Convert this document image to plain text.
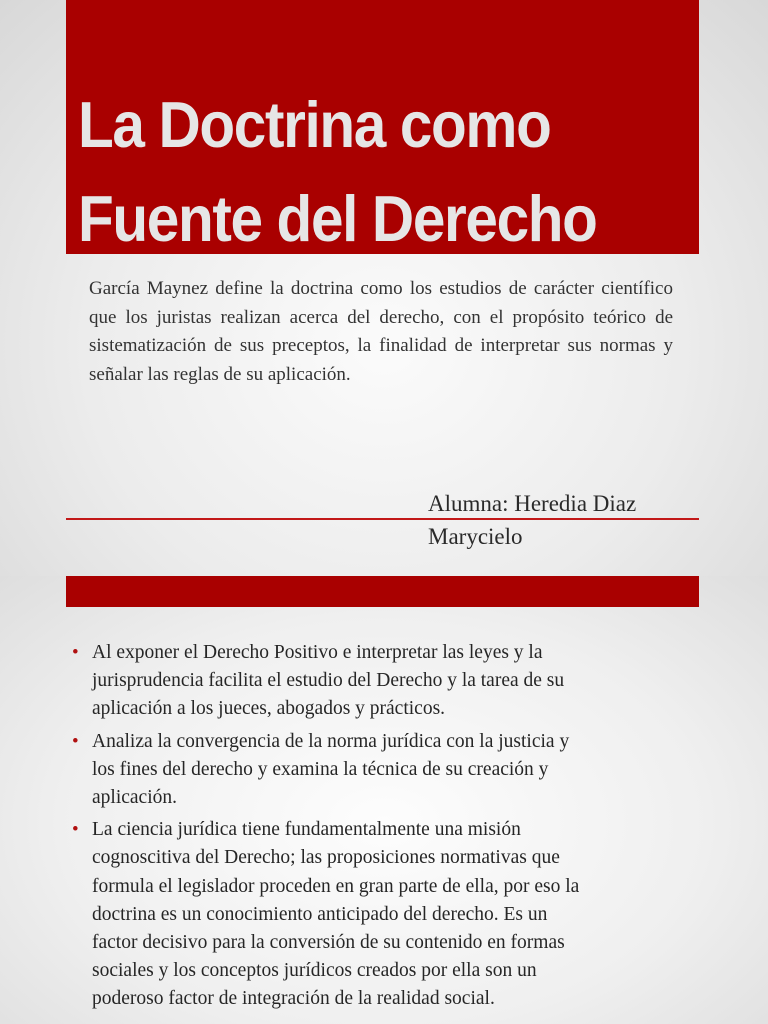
La Doctrina como
Fuente del Derecho

García Maynez define la doctrina como los estudios de carácter científico que los juristas realizan acerca del derecho, con el propósito teórico de sistematización de sus preceptos, la finalidad de interpretar sus normas y señalar las reglas de su aplicación.

Alumna: Heredia Diaz
Marycielo

• Al exponer el Derecho Positivo e interpretar las leyes y la
jurisprudencia facilita el estudio del Derecho y la tarea de su
aplicación a los jueces, abogados y prácticos.
• Analiza la convergencia de la norma jurídica con la justicia y
los fines del derecho y examina la técnica de su creación y
aplicación.
• La ciencia jurídica tiene fundamentalmente una misión
cognoscitiva del Derecho; las proposiciones normativas que
formula el legislador proceden en gran parte de ella, por eso la
doctrina es un conocimiento anticipado del derecho. Es un
factor decisivo para la conversión de su contenido en formas
sociales y los conceptos jurídicos creados por ella son un
poderoso factor de integración de la realidad social.
